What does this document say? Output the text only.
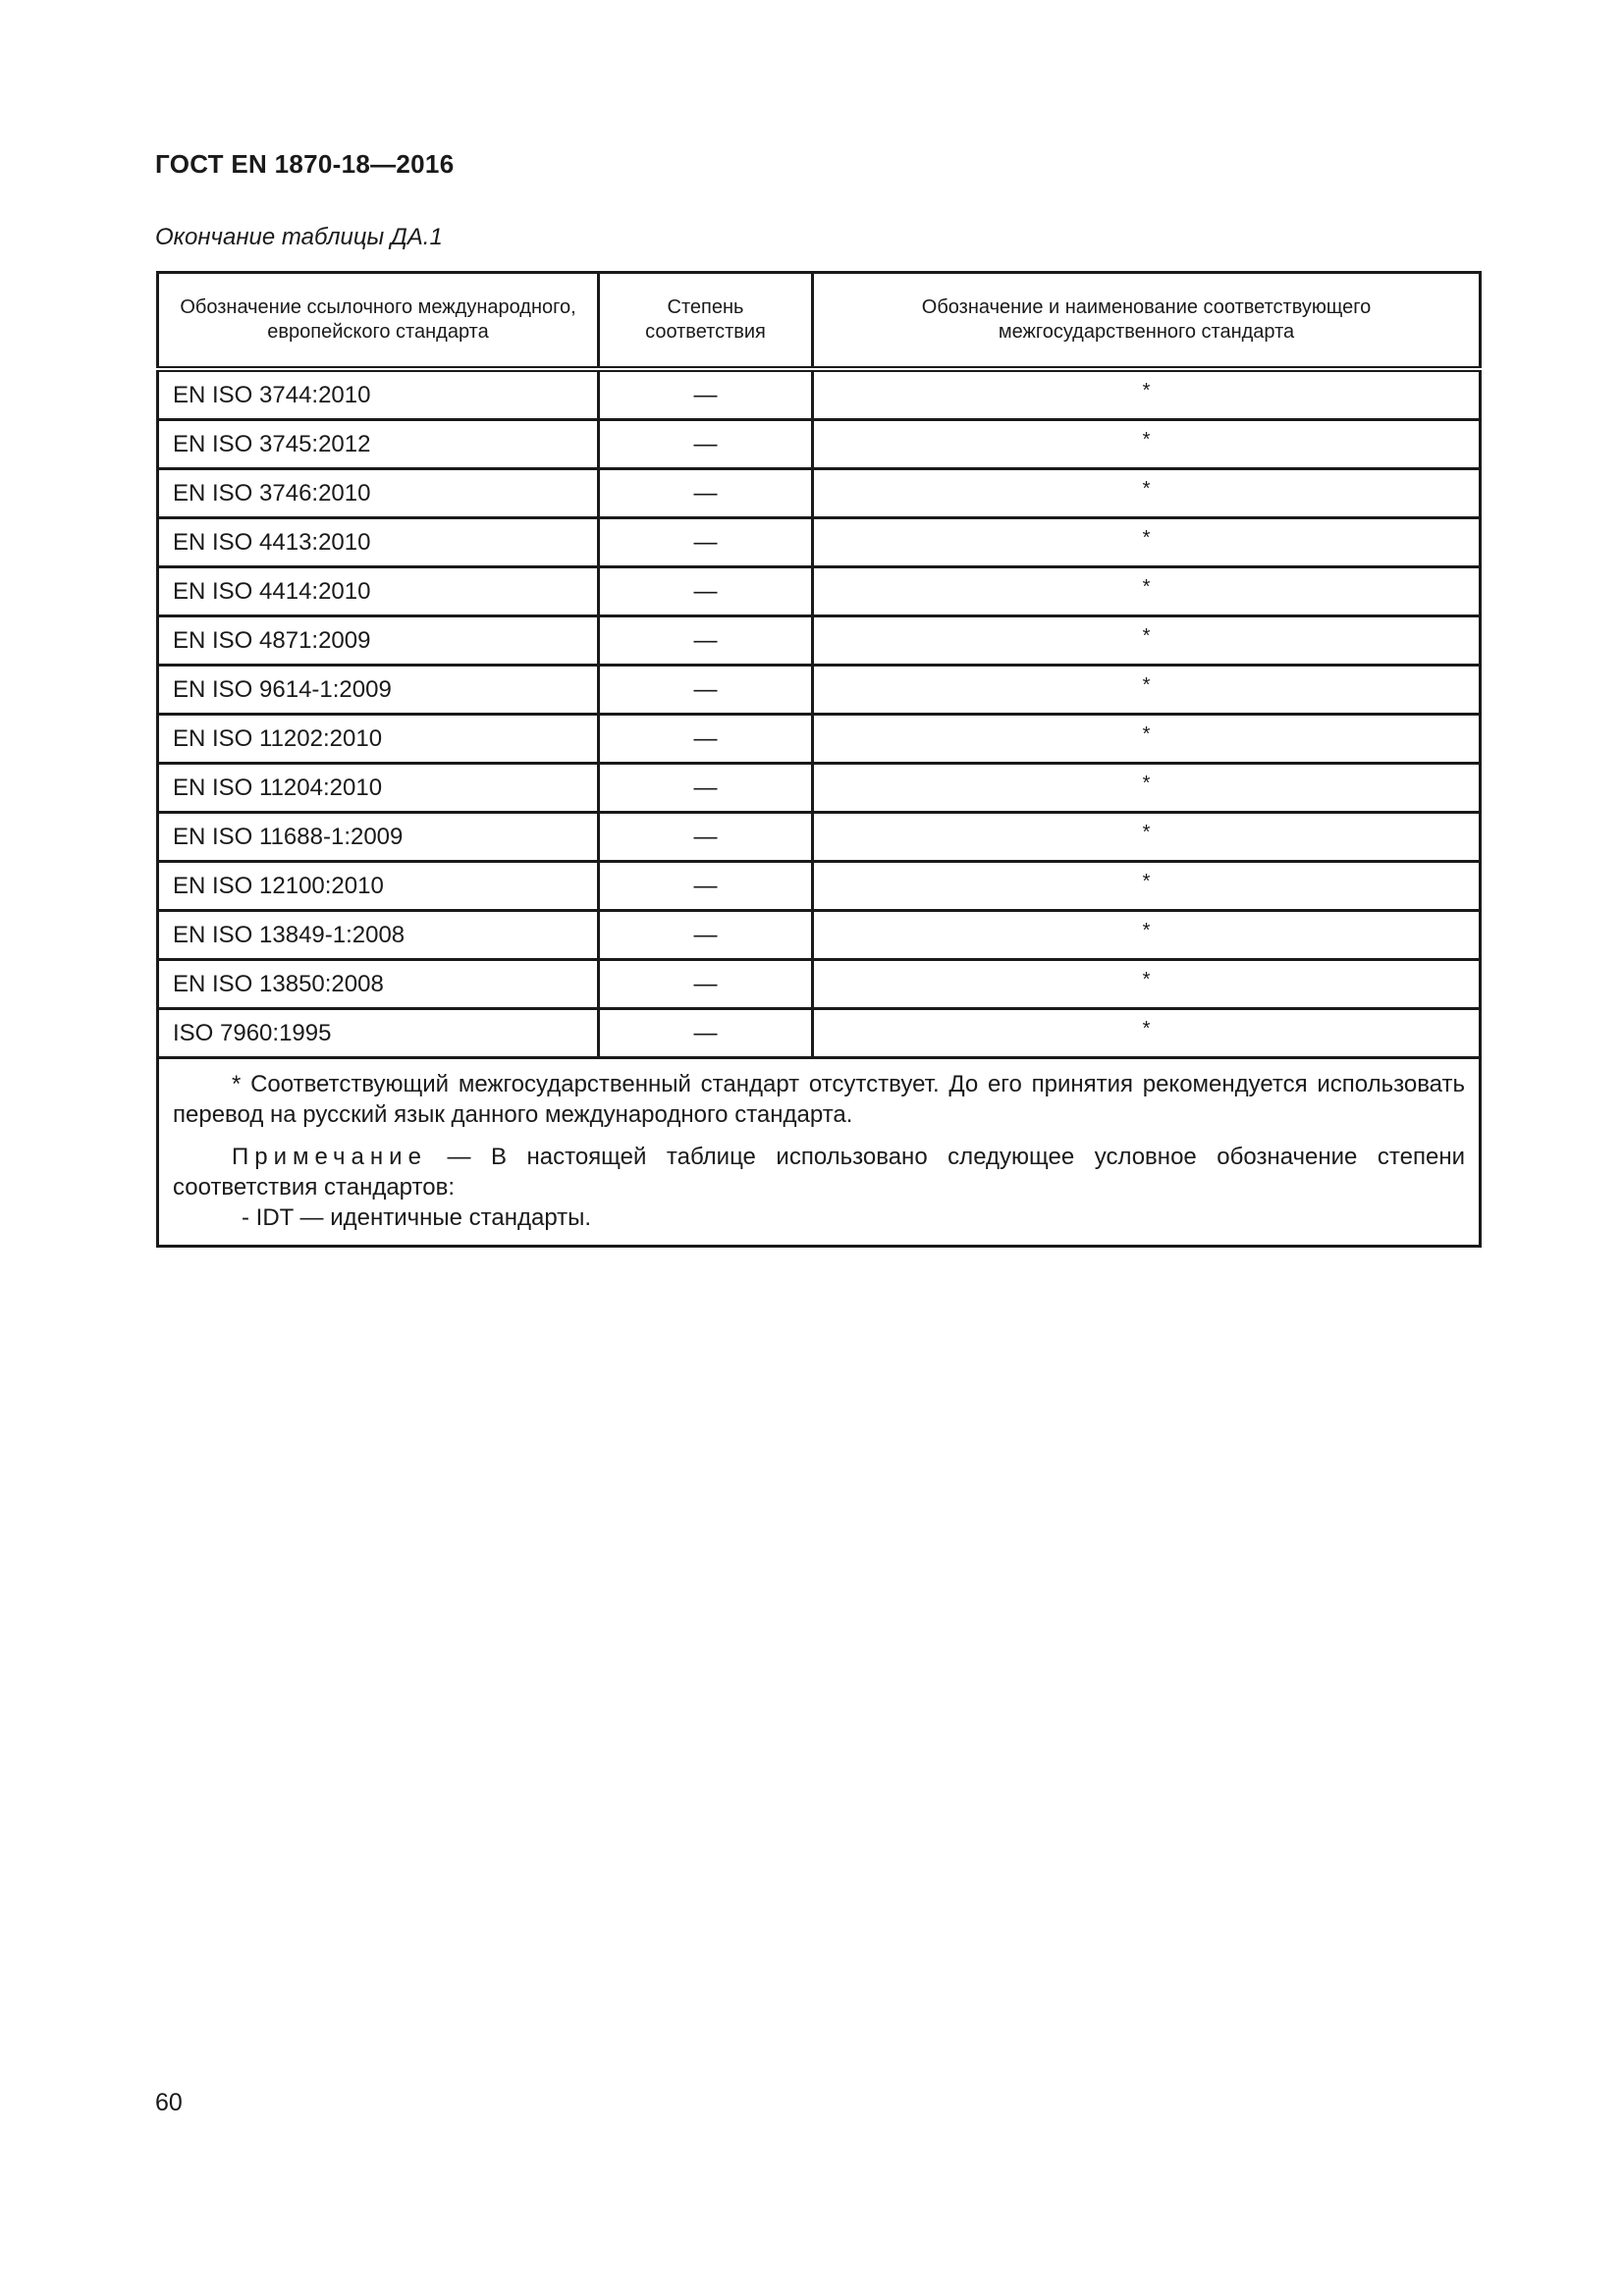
ГОСТ EN 1870-18—2016
Окончание таблицы ДА.1
Обозначение ссылочного международного, европейского стандарта	Степень соответствия	Обозначение и наименование соответствующего межгосударственного стандарта
EN ISO 3744:2010	—	*
EN ISO 3745:2012	—	*
EN ISO 3746:2010	—	*
EN ISO 4413:2010	—	*
EN ISO 4414:2010	—	*
EN ISO 4871:2009	—	*
EN ISO 9614-1:2009	—	*
EN ISO 11202:2010	—	*
EN ISO 11204:2010	—	*
EN ISO 11688-1:2009	—	*
EN ISO 12100:2010	—	*
EN ISO 13849-1:2008	—	*
EN ISO 13850:2008	—	*
ISO 7960:1995	—	*

* Соответствующий межгосударственный стандарт отсутствует. До его принятия рекомендуется использовать перевод на русский язык данного международного стандарта.

Примечание — В настоящей таблице использовано следующее условное обозначение степени соответствия стандартов:

- IDT — идентичные стандарты.		

60
